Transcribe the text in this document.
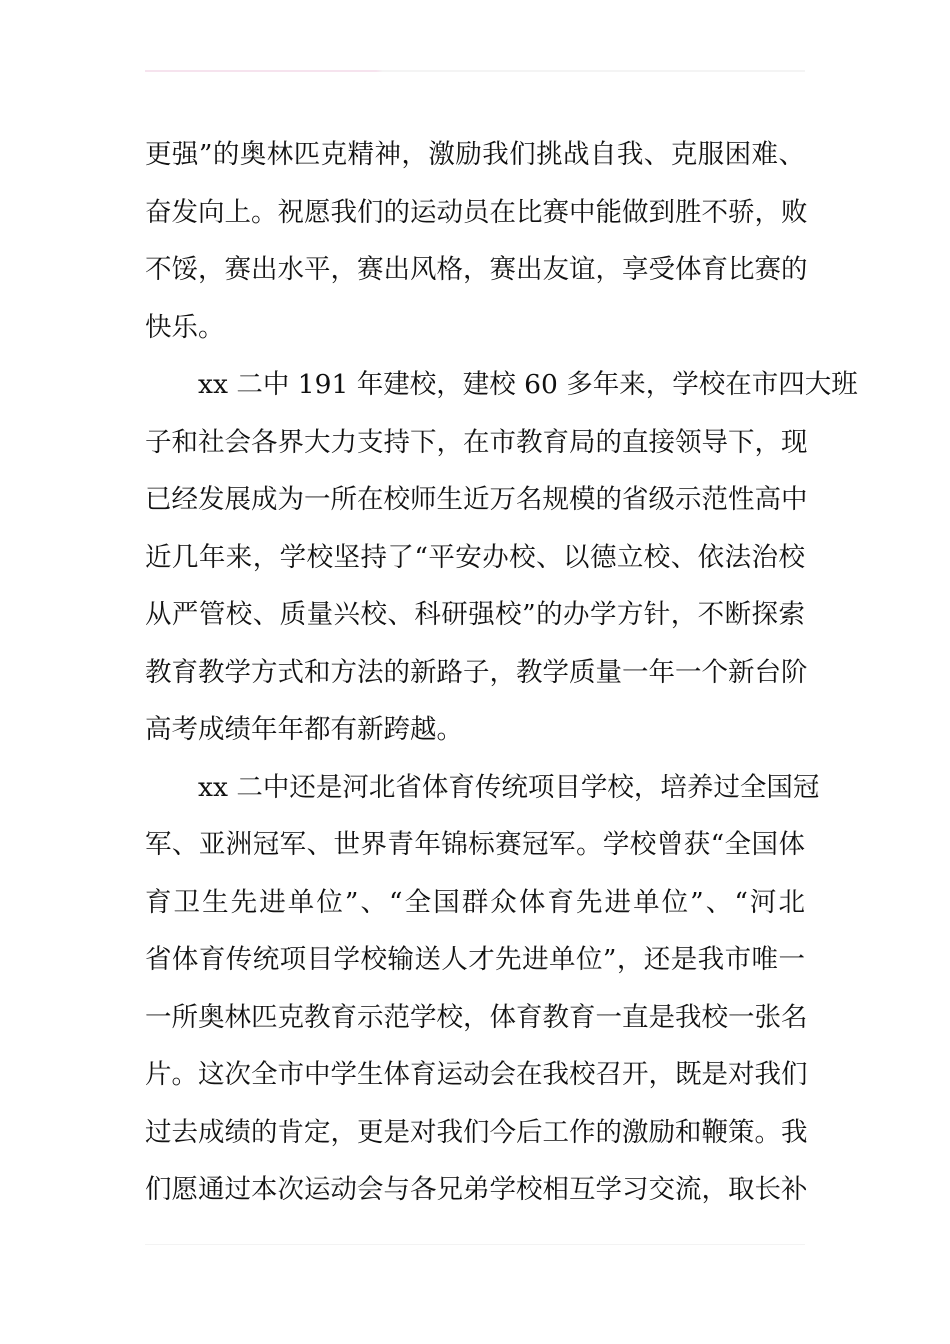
更强”的奥林匹克精神，激励我们挑战自我、克服困难、
奋发向上。祝愿我们的运动员在比赛中能做到胜不骄，败
不馁，赛出水平，赛出风格，赛出友谊，享受体育比赛的
快乐。
xx 二中 191 年建校，建校 60 多年来，学校在市四大班
子和社会各界大力支持下，在市教育局的直接领导下，现
已经发展成为一所在校师生近万名规模的省级示范性高中
近几年来，学校坚持了“平安办校、以德立校、依法治校
从严管校、质量兴校、科研强校”的办学方针，不断探索
教育教学方式和方法的新路子，教学质量一年一个新台阶
高考成绩年年都有新跨越。
xx 二中还是河北省体育传统项目学校，培养过全国冠
军、亚洲冠军、世界青年锦标赛冠军。学校曾获“全国体
育卫生先进单位”、“全国群众体育先进单位”、“河北
省体育传统项目学校输送人才先进单位”，还是我市唯一
一所奥林匹克教育示范学校，体育教育一直是我校一张名
片。这次全市中学生体育运动会在我校召开，既是对我们
过去成绩的肯定，更是对我们今后工作的激励和鞭策。我
们愿通过本次运动会与各兄弟学校相互学习交流，取长补
